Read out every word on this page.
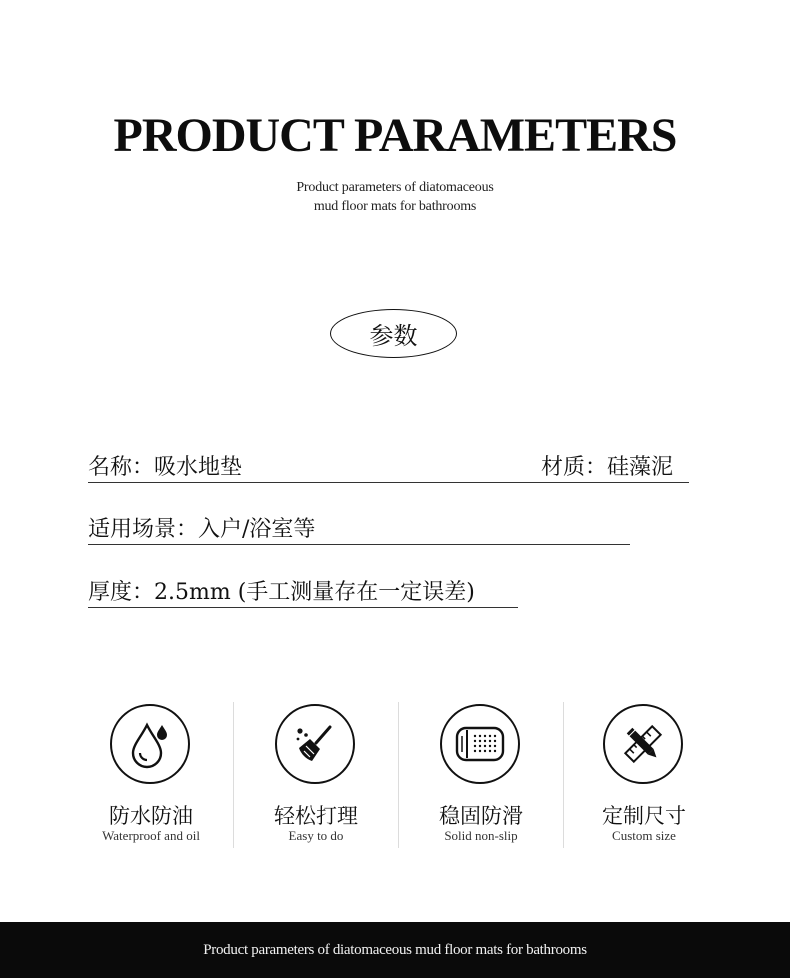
PRODUCT PARAMETERS
Product parameters of diatomaceous
mud floor mats for bathrooms
参数
名称：吸水地垫	材质：硅藻泥
适用场景：入户/浴室等
厚度：2.5mm (手工测量存在一定误差)
防水防油
Waterproof and oil
轻松打理
Easy to do
稳固防滑
Solid non-slip
定制尺寸
Custom size
Product parameters of diatomaceous mud floor mats for bathrooms
